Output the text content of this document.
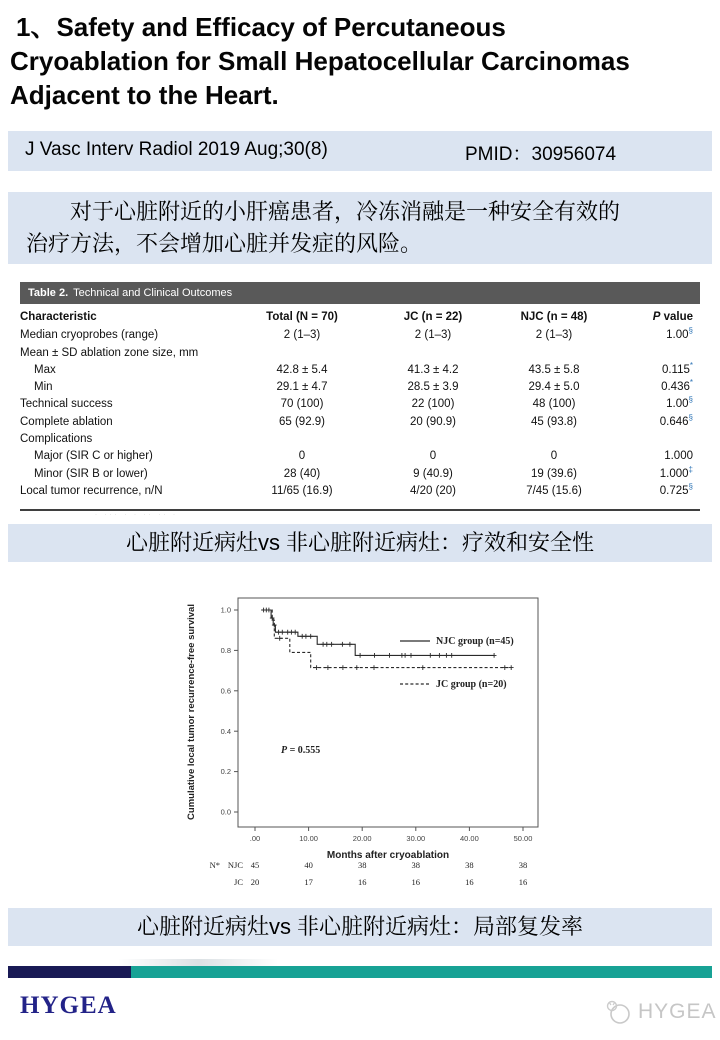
1、Safety and Efficacy of Percutaneous
Cryoablation for Small Hepatocellular Carcinomas
Adjacent to the Heart.
J Vasc Interv Radiol 2019 Aug;30(8)	PMID：30956074
对于心脏附近的小肝癌患者，冷冻消融是一种安全有效的
治疗方法，不会增加心脏并发症的风险。
Table 2. Technical and Clinical Outcomes
Characteristic	Total (N = 70)	JC (n = 22)	NJC (n = 48)	P value
Median cryoprobes (range)	2 (1–3)	2 (1–3)	2 (1–3)	1.00§
Mean ± SD ablation zone size, mm
Max	42.8 ± 5.4	41.3 ± 4.2	43.5 ± 5.8	0.115*
Min	29.1 ± 4.7	28.5 ± 3.9	29.4 ± 5.0	0.436*
Technical success	70 (100)	22 (100)	48 (100)	1.00§
Complete ablation	65 (92.9)	20 (90.9)	45 (93.8)	0.646§
Complications
Major (SIR C or higher)	0	0	0	1.000
Minor (SIR B or lower)	28 (40)	9 (40.9)	19 (39.6)	1.000‡
Local tumor recurrence, n/N	11/65 (16.9)	4/20 (20)	7/45 (15.6)	0.725§
· ··· · · ·· ·· ·
心脏附近病灶vs 非心脏附近病灶：疗效和安全性
0.0
0.2
0.4
0.6
0.8
1.0
.00	10.00	20.00	30.00	40.00	50.00
Months after cryoablation
Cumulative local tumor recurrence-free survival	NJC group (n=45)
JC group (n=20)
P = 0.555
N* NJC 45	40	38	38	38	38
JC 20	17	16	16	16	16
心脏附近病灶vs 非心脏附近病灶：局部复发率
HYGEA	HYGEA
